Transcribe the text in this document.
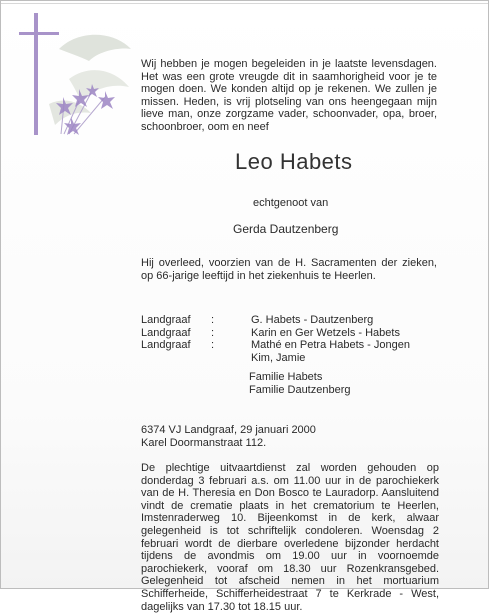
Wij hebben je mogen begeleiden in je laatste levensdagen. Het was een grote vreugde dit in saamhorigheid voor je te mogen doen. We konden altijd op je rekenen. We zullen je missen. Heden, is vrij plotseling van ons heengegaan mijn lieve man, onze zorgzame vader, schoonvader, opa, broer, schoonbroer, oom en neef

Leo Habets
echtgenoot van
Gerda Dautzenberg

Hij overleed, voorzien van de H. Sacramenten der zieken, op 66-jarige leeftijd in het ziekenhuis te Heerlen.

Landgraaf	:	G. Habets - Dautzenberg
Landgraaf	:	Karin en Ger Wetzels - Habets
Landgraaf	:	Mathé en Petra Habets - Jongen
Kim, Jamie
Familie Habets
Familie Dautzenberg
6374 VJ Landgraaf, 29 januari 2000
Karel Doormanstraat 112.

De plechtige uitvaartdienst zal worden gehouden op donderdag 3 februari a.s. om 11.00 uur in de parochiekerk van de H. Theresia en Don Bosco te Lauradorp. Aansluitend vindt de crematie plaats in het crematorium te Heerlen, Imstenraderweg 10. Bijeenkomst in de kerk, alwaar gelegenheid is tot schriftelijk condoleren. Woensdag 2 februari wordt de dierbare overledene bijzonder herdacht tijdens de avondmis om 19.00 uur in voornoemde parochiekerk, vooraf om 18.30 uur Rozenkransgebed. Gelegenheid tot afscheid nemen in het mortuarium Schifferheide, Schifferheidestraat 7 te Kerkrade - West, dagelijks van 17.30 tot 18.15 uur.
